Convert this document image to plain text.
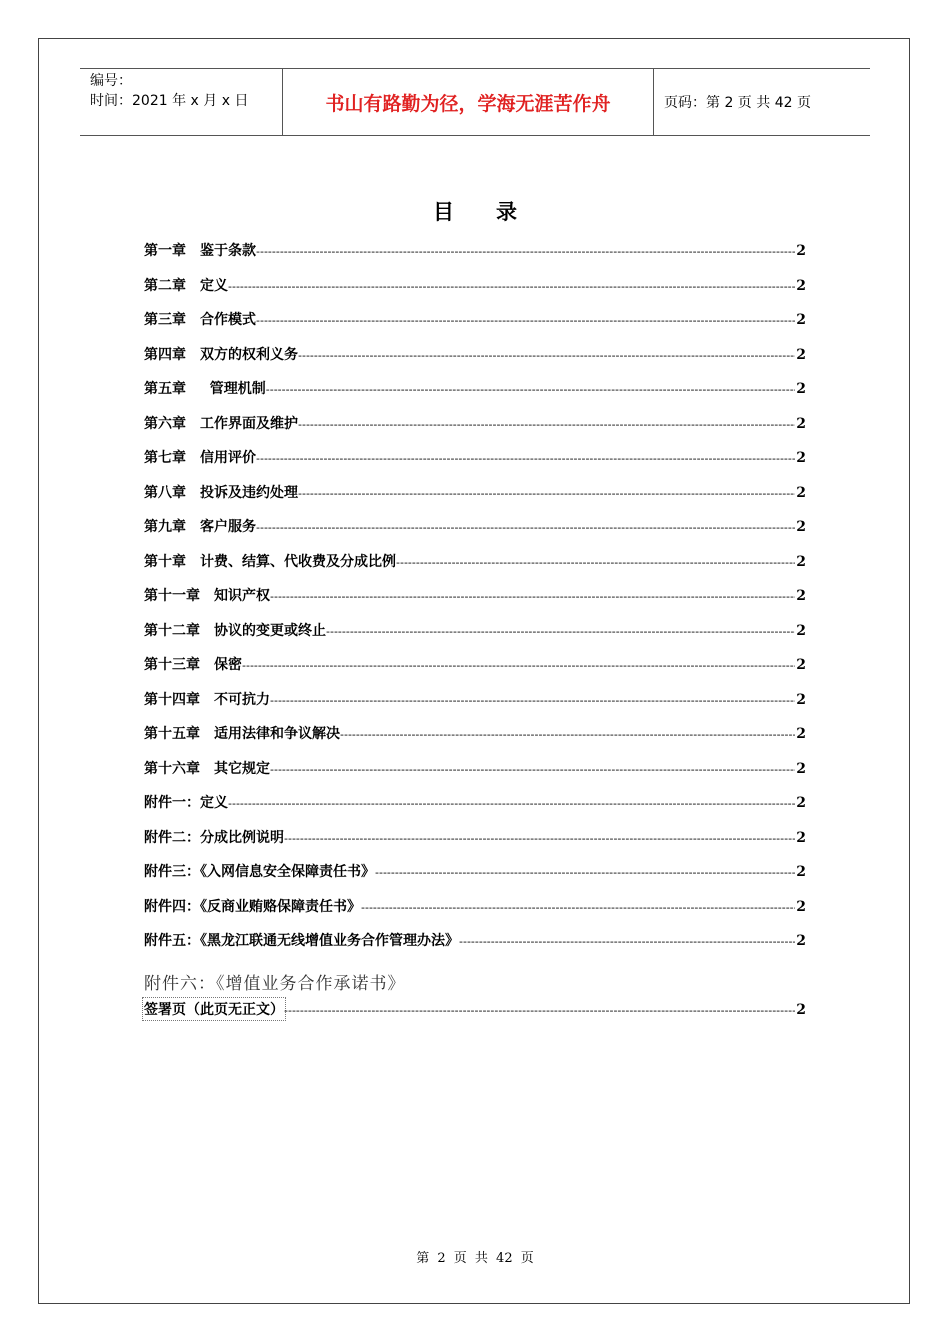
编号：
时间：2021 年 x 月 x 日	书山有路勤为径，学海无涯苦作舟	页码：第 2 页 共 42 页
目录
第一章　鉴于条款 -----	2
第二章　定义 -----	2
第三章　合作模式 -----	2
第四章　双方的权利义务 -----	2
第五章　  管理机制 -----	2
第六章　工作界面及维护 -----	2
第七章　信用评价 -----	2
第八章　投诉及违约处理 -----	2
第九章　客户服务 -----	2
第十章　计费、结算、代收费及分成比例 -----	2
第十一章　知识产权 -----	2
第十二章　协议的变更或终止 -----	2
第十三章　保密 -----	2
第十四章　不可抗力 -----	2
第十五章　适用法律和争议解决 -----	2
第十六章　其它规定 -----	2
附件一：定义 -----	2
附件二：分成比例说明 -----	2
附件三：《入网信息安全保障责任书》 -----	2
附件四：《反商业贿赂保障责任书》 -----	2
附件五：《黑龙江联通无线增值业务合作管理办法》 -----	2
附件六：《增值业务合作承诺书》
签署页（此页无正文） -----	2
第 2 页 共 42 页
